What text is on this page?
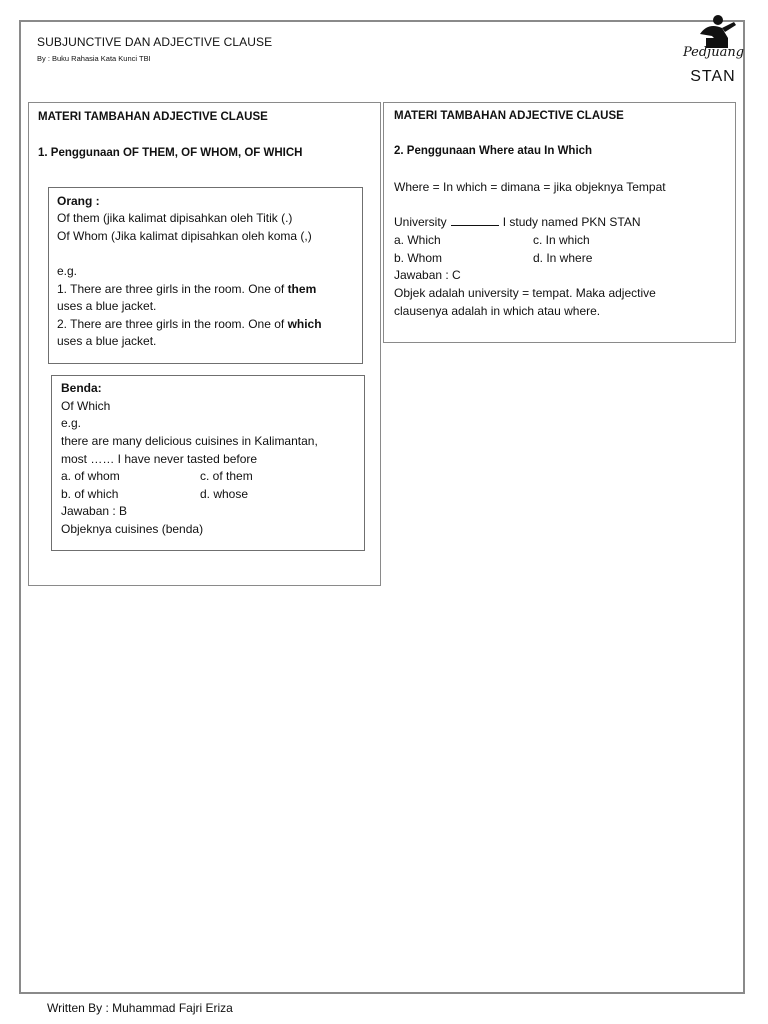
SUBJUNCTIVE DAN ADJECTIVE CLAUSE
By : Buku Rahasia Kata Kunci TBI	Pedjuang
STAN
MATERI TAMBAHAN ADJECTIVE CLAUSE
1. Penggunaan OF THEM, OF WHOM, OF WHICH
Orang :
Of them (jika kalimat dipisahkan oleh Titik (.)
Of Whom (Jika kalimat dipisahkan oleh koma (,)
e.g.
1. There are three girls in the room. One of them
uses a blue jacket.
2. There are three girls in the room. One of which
uses a blue jacket.
Benda:
Of Which
e.g.
there are many delicious cuisines in Kalimantan,
most …… I have never tasted before
a. of whom	c. of them
b. of which	d. whose
Jawaban : B
Objeknya cuisines (benda)
MATERI TAMBAHAN ADJECTIVE CLAUSE
2. Penggunaan Where atau In Which
Where = In which = dimana = jika objeknya Tempat
University	I study named PKN STAN
a. Which	c. In which
b. Whom	d. In where
Jawaban : C
Objek adalah university = tempat. Maka adjective
clausenya adalah in which atau where.
Written By : Muhammad Fajri Eriza
